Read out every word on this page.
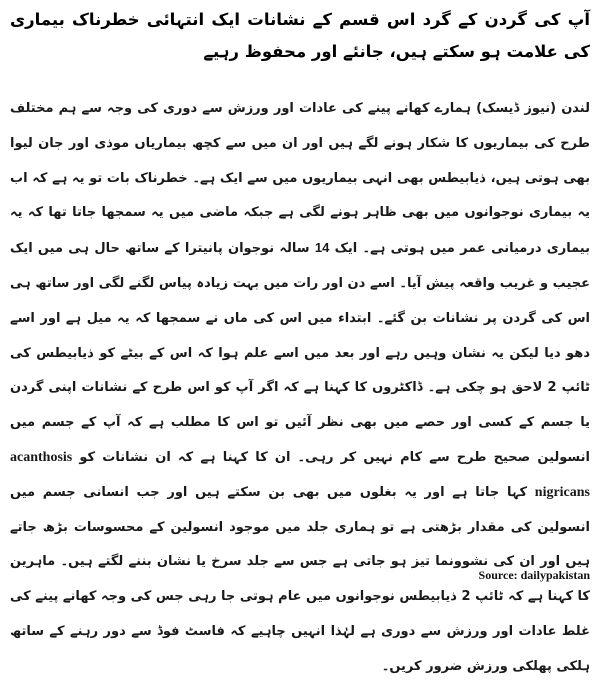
آپ کی گردن کے گرد اس قسم کے نشانات ایک انتہائی خطرناک بیماری کی علامت ہو سکتے ہیں، جانئے اور محفوظ رہیے

لندن (نیوز ڈیسک) ہمارے کھانے پینے کی عادات اور ورزش سے دوری کی وجہ سے ہم مختلف طرح کی بیماریوں کا شکار ہونے لگے ہیں اور ان میں سے کچھ بیماریاں موذی اور جان لیوا بھی ہوتی ہیں، ذیابیطس بھی انہی بیماریوں میں سے ایک ہے۔ خطرناک بات تو یہ ہے کہ اب یہ بیماری نوجوانوں میں بھی ظاہر ہونے لگی ہے جبکہ ماضی میں یہ سمجھا جاتا تھا کہ یہ بیماری درمیانی عمر میں ہوتی ہے۔ ایک 14 سالہ نوجوان پانیترا کے ساتھ حال ہی میں ایک عجیب و غریب واقعہ پیش آیا۔ اسے دن اور رات میں بہت زیادہ پیاس لگنے لگی اور ساتھ ہی اس کی گردن پر نشانات بن گئے۔ ابتداء میں اس کی ماں نے سمجھا کہ یہ میل ہے اور اسے دھو دیا لیکن یہ نشان وہیں رہے اور بعد میں اسے علم ہوا کہ اس کے بیٹے کو ذیابیطس کی ٹائپ 2 لاحق ہو چکی ہے۔ ڈاکٹروں کا کہنا ہے کہ اگر آپ کو اس طرح کے نشانات اپنی گردن یا جسم کے کسی اور حصے میں بھی نظر آئیں تو اس کا مطلب ہے کہ آپ کے جسم میں انسولین صحیح طرح سے کام نہیں کر رہی۔ ان کا کہنا ہے کہ ان نشانات کو acanthosis nigricans کہا جاتا ہے اور یہ بغلوں میں بھی بن سکتے ہیں اور جب انسانی جسم میں انسولین کی مقدار بڑھتی ہے تو ہماری جلد میں موجود انسولین کے محسوسات بڑھ جاتے ہیں اور ان کی نشوونما تیز ہو جاتی ہے جس سے جلد سرخ یا نشان بننے لگتے ہیں۔ ماہرین کا کہنا ہے کہ ٹائپ 2 ذیابیطس نوجوانوں میں عام ہوتی جا رہی جس کی وجہ کھانے پینے کی غلط عادات اور ورزش سے دوری ہے لہٰذا انہیں چاہیے کہ فاسٹ فوڈ سے دور رہنے کے ساتھ ہلکی پھلکی ورزش ضرور کریں۔

Source: dailypakistan
